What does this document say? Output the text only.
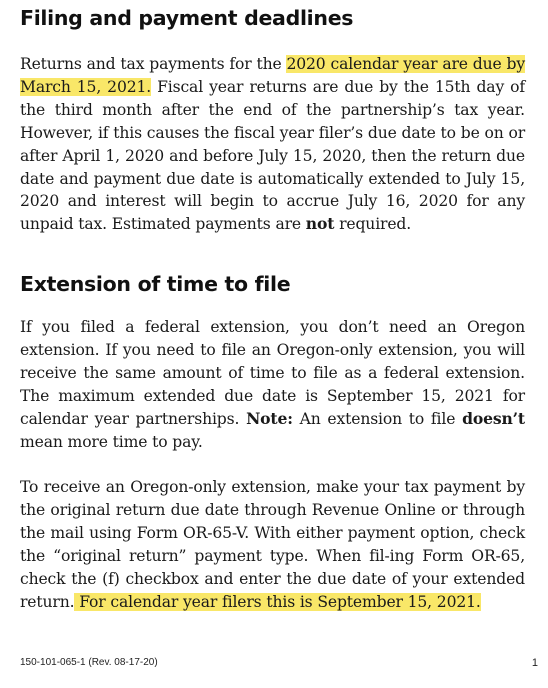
Filing and payment deadlines

Returns and tax payments for the 2020 calendar year are due by March 15, 2021. Fiscal year returns are due by the 15th day of the third month after the end of the partnership’s tax year. However, if this causes the fiscal year filer’s due date to be on or after April 1, 2020 and before July 15, 2020, then the return due date and payment due date is automatically extended to July 15, 2020 and interest will begin to accrue July 16, 2020 for any unpaid tax. Estimated payments are not required.

Extension of time to file

If you filed a federal extension, you don’t need an Oregon extension. If you need to file an Oregon-only extension, you will receive the same amount of time to file as a federal extension. The maximum extended due date is September 15, 2021 for calendar year partnerships. Note: An extension to file doesn’t mean more time to pay.

To receive an Oregon-only extension, make your tax payment by the original return due date through Revenue Online or through the mail using Form OR-65-V. With either payment option, check the “original return” payment type. When fil-ing Form OR-65, check the (f) checkbox and enter the due date of your extended return. For calendar year filers this is September 15, 2021.

150-101-065-1 (Rev. 08-17-20)	1
